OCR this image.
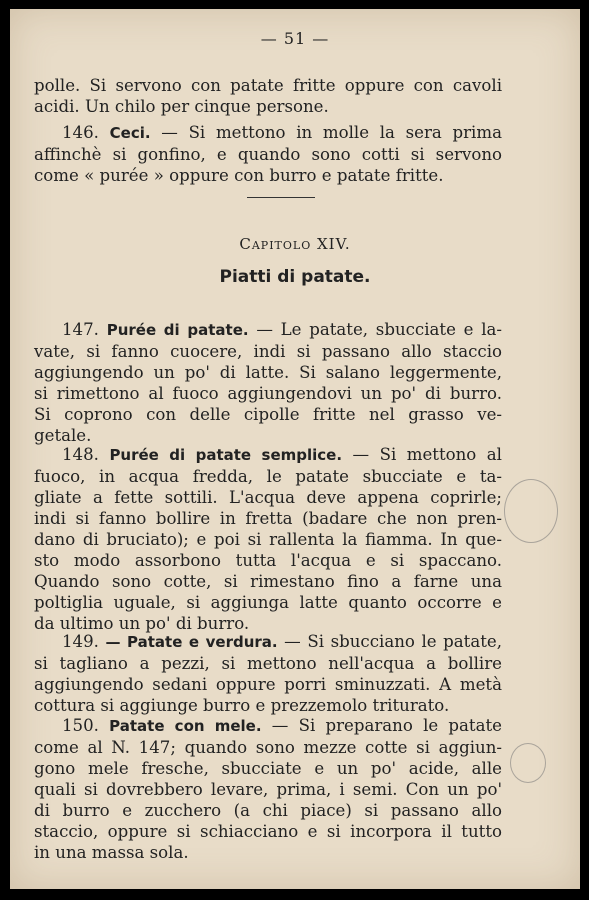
— 51 —
polle. Si servono con patate fritte oppure con cavoli
acidi. Un chilo per cinque persone.
146. Ceci. — Si mettono in molle la sera prima
affinchè si gonfino, e quando sono cotti si servono
come « purée » oppure con burro e patate fritte.
Capitolo XIV.
Piatti di patate.
147. Purée di patate. — Le patate, sbucciate e la-
vate, si fanno cuocere, indi si passano allo staccio
aggiungendo un po' di latte. Si salano leggermente,
si rimettono al fuoco aggiungendovi un po' di burro.
Si coprono con delle cipolle fritte nel grasso ve-
getale.
148. Purée di patate semplice. — Si mettono al
fuoco, in acqua fredda, le patate sbucciate e ta-
gliate a fette sottili. L'acqua deve appena coprirle;
indi si fanno bollire in fretta (badare che non pren-
dano di bruciato); e poi si rallenta la fiamma. In que-
sto modo assorbono tutta l'acqua e si spaccano.
Quando sono cotte, si rimestano fino a farne una
poltiglia uguale, si aggiunga latte quanto occorre e
da ultimo un po' di burro.
149. — Patate e verdura. — Si sbucciano le patate,
si tagliano a pezzi, si mettono nell'acqua a bollire
aggiungendo sedani oppure porri sminuzzati. A metà
cottura si aggiunge burro e prezzemolo triturato.
150. Patate con mele. — Si preparano le patate
come al N. 147; quando sono mezze cotte si aggiun-
gono mele fresche, sbucciate e un po' acide, alle
quali si dovrebbero levare, prima, i semi. Con un po'
di burro e zucchero (a chi piace) si passano allo
staccio, oppure si schiacciano e si incorpora il tutto
in una massa sola.
